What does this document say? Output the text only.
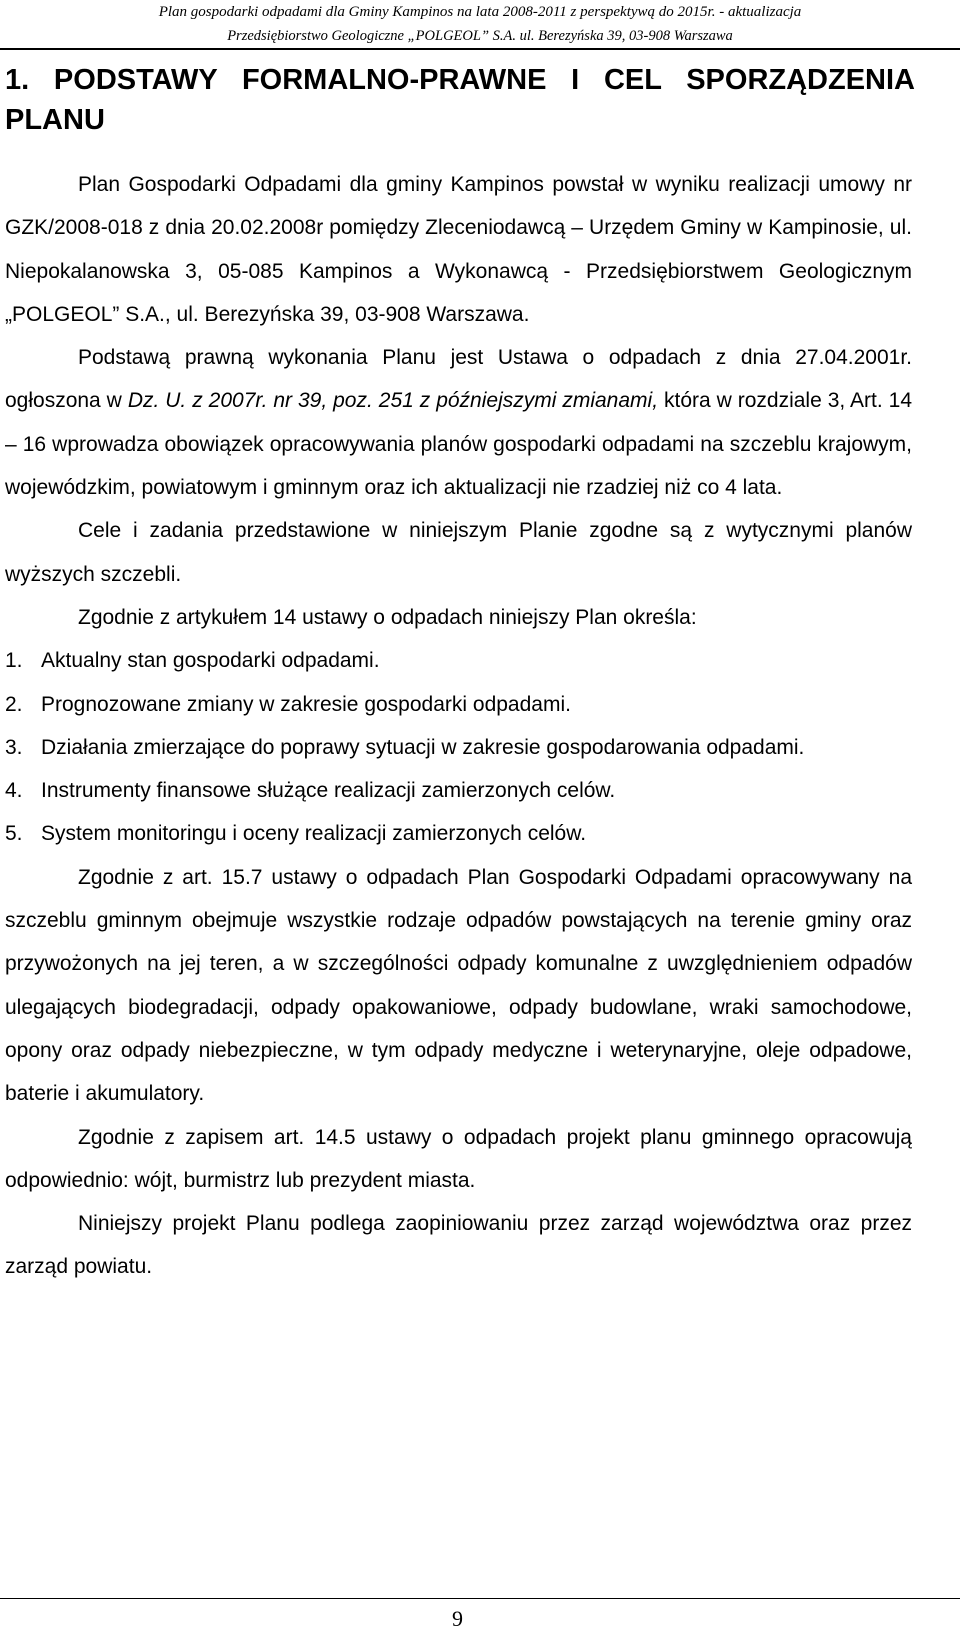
Plan gospodarki odpadami dla Gminy Kampinos na lata 2008-2011 z perspektywą do 2015r. - aktualizacja
Przedsiębiorstwo Geologiczne „POLGEOL” S.A. ul. Berezyńska 39, 03-908 Warszawa
1. PODSTAWY FORMALNO-PRAWNE I CEL SPORZĄDZENIA
PLANU

Plan Gospodarki Odpadami dla gminy Kampinos powstał w wyniku realizacji umowy nr GZK/2008-018 z dnia 20.02.2008r pomiędzy Zleceniodawcą – Urzędem Gminy w Kampinosie, ul. Niepokalanowska 3, 05-085 Kampinos a Wykonawcą - Przedsiębiorstwem Geologicznym „POLGEOL” S.A., ul. Berezyńska 39, 03-908 Warszawa.

Podstawą prawną wykonania Planu jest Ustawa o odpadach z dnia 27.04.2001r. ogłoszona w Dz. U. z 2007r. nr 39, poz. 251 z późniejszymi zmianami, która w rozdziale 3, Art. 14 – 16 wprowadza obowiązek opracowywania planów gospodarki odpadami na szczeblu krajowym, wojewódzkim, powiatowym i gminnym oraz ich aktualizacji nie rzadziej niż co 4 lata.

Cele i zadania przedstawione w niniejszym Planie zgodne są z wytycznymi planów wyższych szczebli.

Zgodnie z artykułem 14 ustawy o odpadach niniejszy Plan określa:

1. Aktualny stan gospodarki odpadami.
2. Prognozowane zmiany w zakresie gospodarki odpadami.
3. Działania zmierzające do poprawy sytuacji w zakresie gospodarowania odpadami.
4. Instrumenty finansowe służące realizacji zamierzonych celów.
5. System monitoringu i oceny realizacji zamierzonych celów.

Zgodnie z art. 15.7 ustawy o odpadach Plan Gospodarki Odpadami opracowywany na szczeblu gminnym obejmuje wszystkie rodzaje odpadów powstających na terenie gminy oraz przywożonych na jej teren, a w szczególności odpady komunalne z uwzględnieniem odpadów ulegających biodegradacji, odpady opakowaniowe, odpady budowlane, wraki samochodowe, opony oraz odpady niebezpieczne, w tym odpady medyczne i weterynaryjne, oleje odpadowe, baterie i akumulatory.

Zgodnie z zapisem art. 14.5 ustawy o odpadach projekt planu gminnego opracowują odpowiednio: wójt, burmistrz lub prezydent miasta.

Niniejszy projekt Planu podlega zaopiniowaniu przez zarząd województwa oraz przez zarząd powiatu.

9
